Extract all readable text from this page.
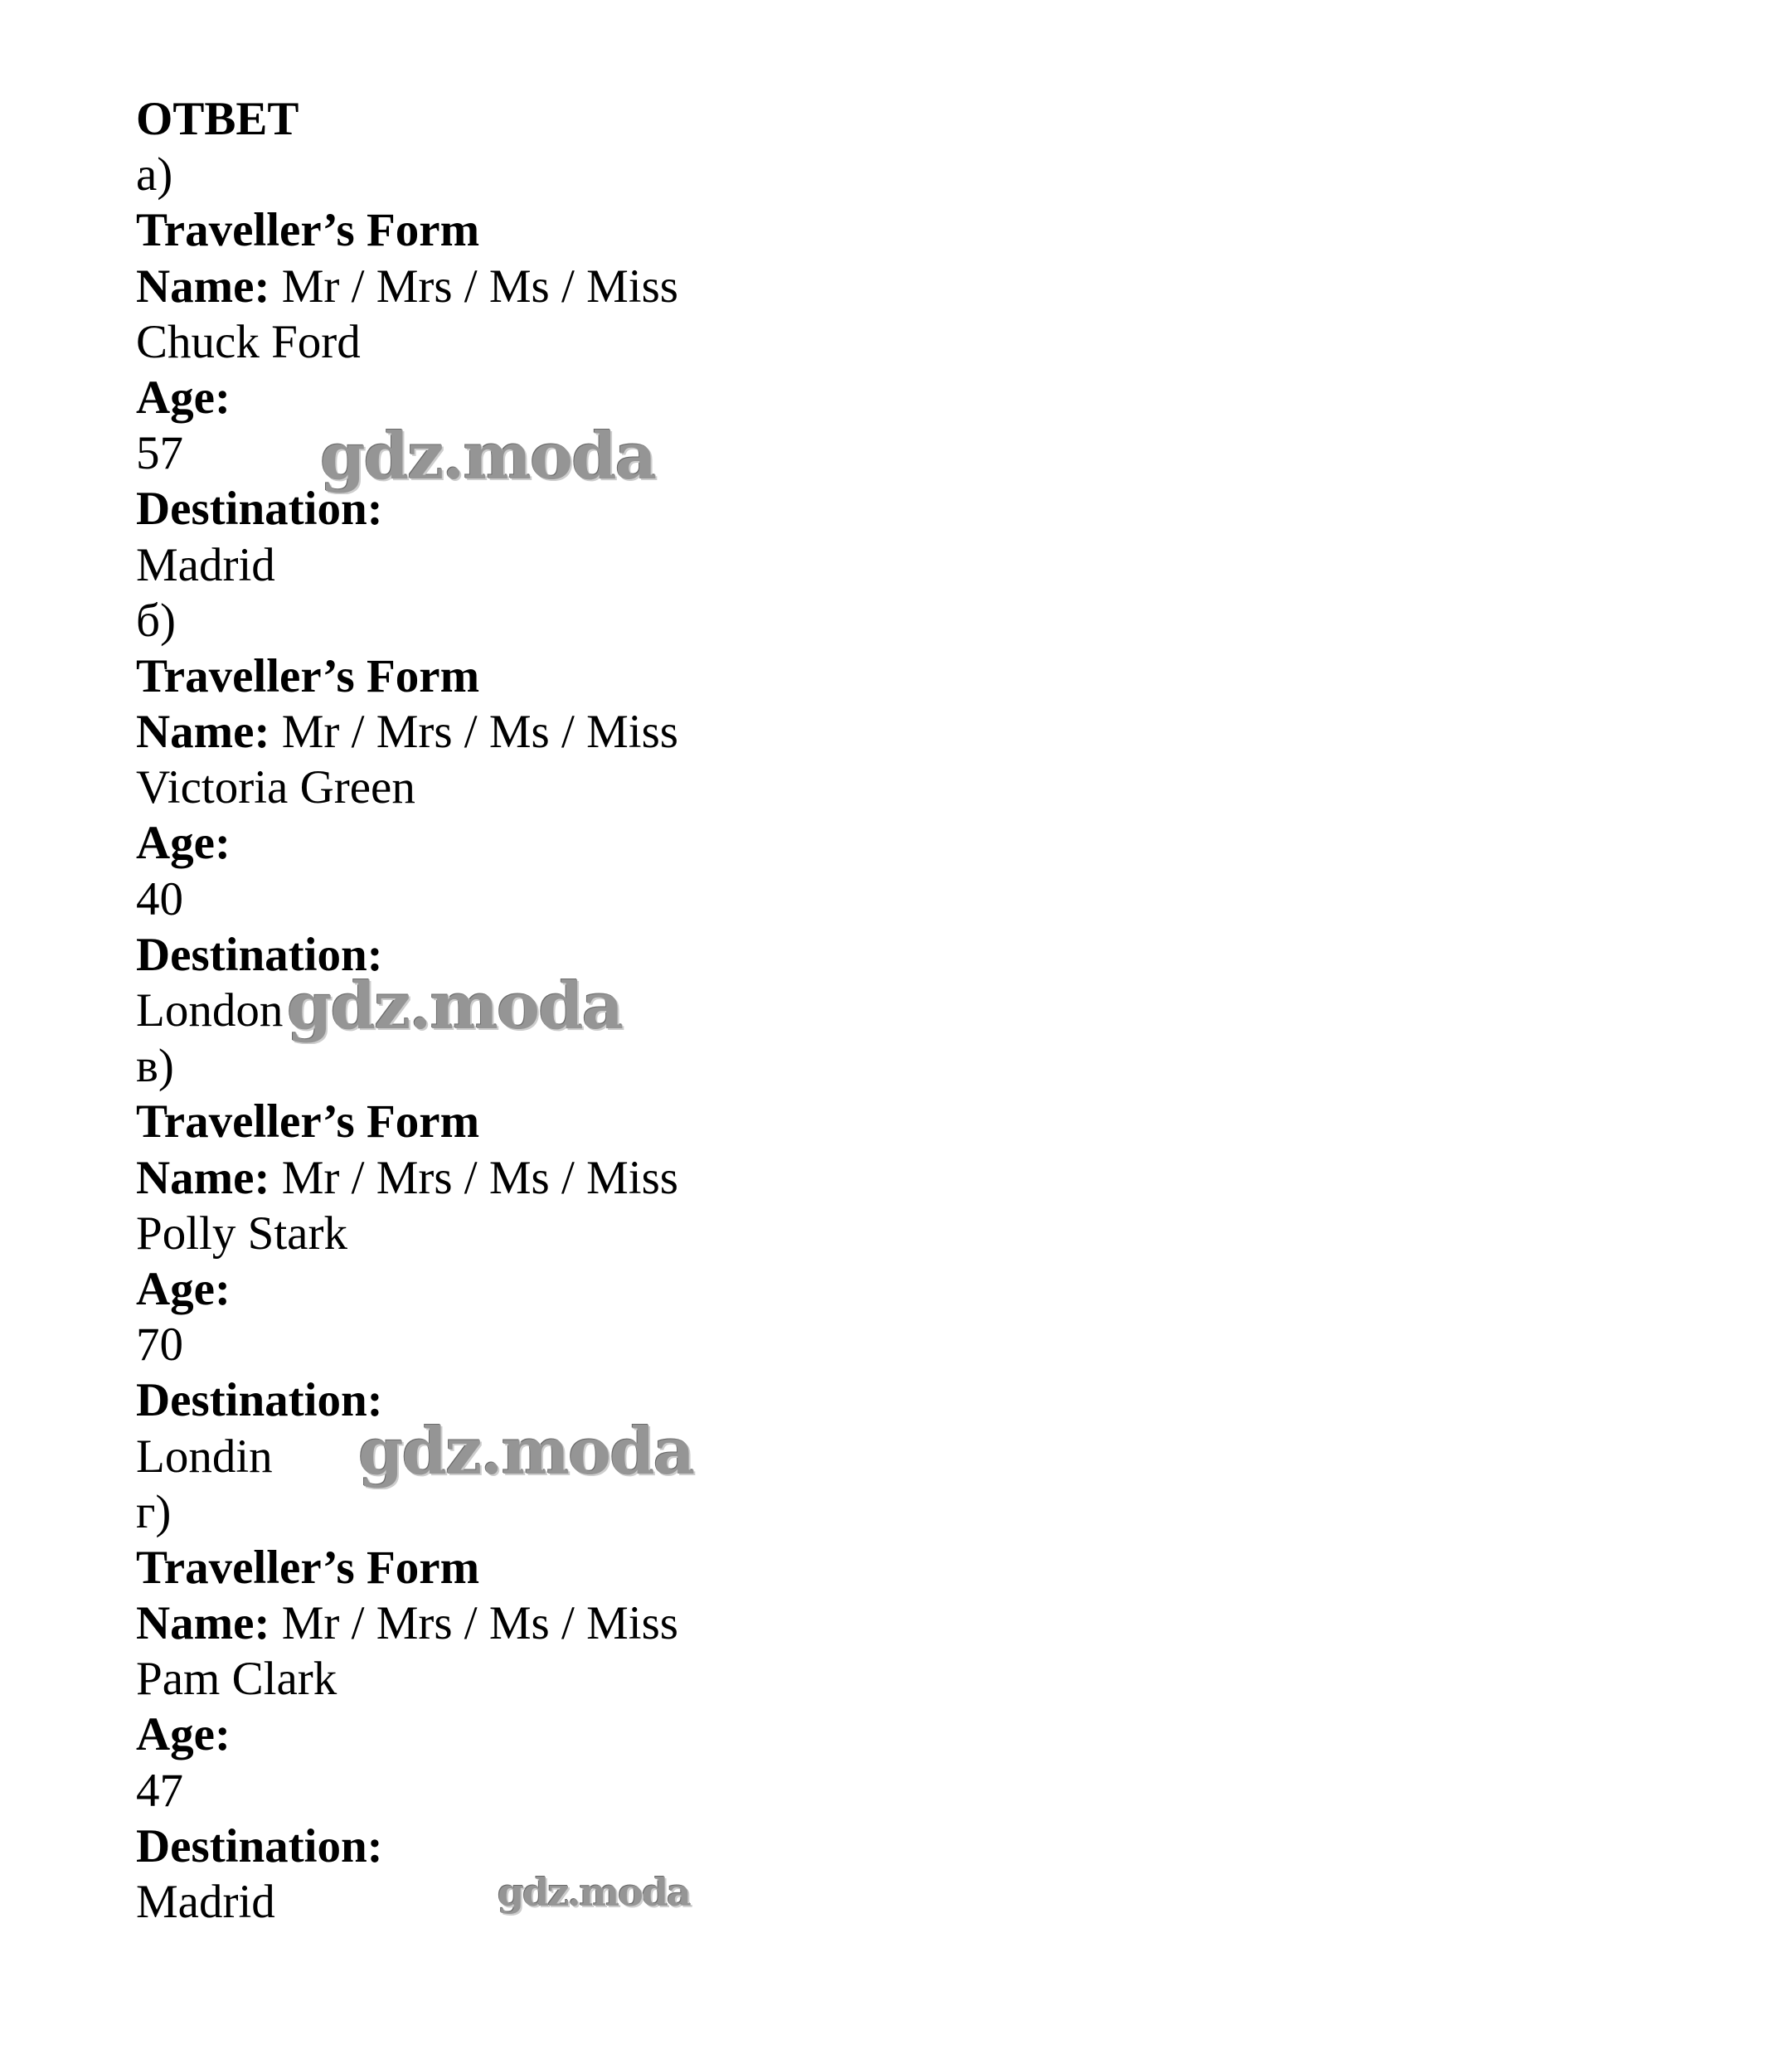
ОТВЕТ
а)
Traveller’s Form
Name: Mr / Mrs / Ms / Miss
Chuck Ford
Age:
57
Destination:
Madrid
б)
Traveller’s Form
Name: Mr / Mrs / Ms / Miss
Victoria Green
Age:
40
Destination:
London
в)
Traveller’s Form
Name: Mr / Mrs / Ms / Miss
Polly Stark
Age:
70
Destination:
Londin
г)
Traveller’s Form
Name: Mr / Mrs / Ms / Miss
Pam Clark
Age:
47
Destination:
Madrid
gdz.moda
gdz.moda
gdz.moda
gdz.moda
